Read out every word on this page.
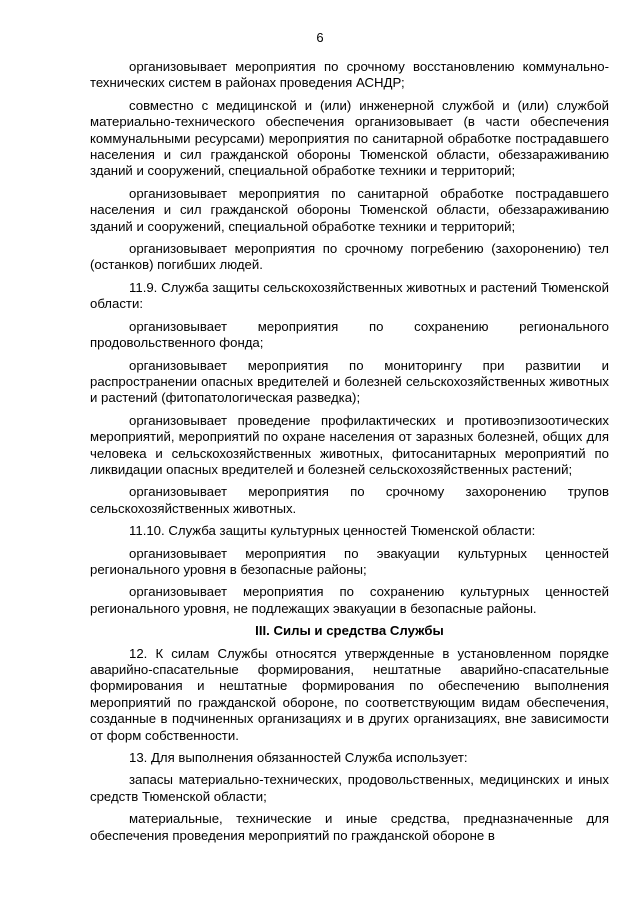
6

организовывает мероприятия по срочному восстановлению коммунально-технических систем в районах проведения АСНДР;

совместно с медицинской и (или) инженерной службой и (или) службой материально-технического обеспечения организовывает (в части обеспечения коммунальными ресурсами) мероприятия по санитарной обработке пострадавшего населения и сил гражданской обороны Тюменской области, обеззараживанию зданий и сооружений, специальной обработке техники и территорий;

организовывает мероприятия по санитарной обработке пострадавшего населения и сил гражданской обороны Тюменской области, обеззараживанию зданий и сооружений, специальной обработке техники и территорий;

организовывает мероприятия по срочному погребению (захоронению) тел (останков) погибших людей.

11.9. Служба защиты сельскохозяйственных животных и растений Тюменской области:

организовывает мероприятия по сохранению регионального продовольственного фонда;

организовывает мероприятия по мониторингу при развитии и распространении опасных вредителей и болезней сельскохозяйственных животных и растений (фитопатологическая разведка);

организовывает проведение профилактических и противоэпизоотических мероприятий, мероприятий по охране населения от заразных болезней, общих для человека и сельскохозяйственных животных, фитосанитарных мероприятий по ликвидации опасных вредителей и болезней сельскохозяйственных растений;

организовывает мероприятия по срочному захоронению трупов сельскохозяйственных животных.

11.10. Служба защиты культурных ценностей Тюменской области:

организовывает мероприятия по эвакуации культурных ценностей регионального уровня в безопасные районы;

организовывает мероприятия по сохранению культурных ценностей регионального уровня, не подлежащих эвакуации в безопасные районы.

III. Силы и средства Службы

12. К силам Службы относятся утвержденные в установленном порядке аварийно-спасательные формирования, нештатные аварийно-спасательные формирования и нештатные формирования по обеспечению выполнения мероприятий по гражданской обороне, по соответствующим видам обеспечения, созданные в подчиненных организациях и в других организациях, вне зависимости от форм собственности.

13. Для выполнения обязанностей Служба использует:

запасы материально-технических, продовольственных, медицинских и иных средств Тюменской области;

материальные, технические и иные средства, предназначенные для обеспечения проведения мероприятий по гражданской обороне в
